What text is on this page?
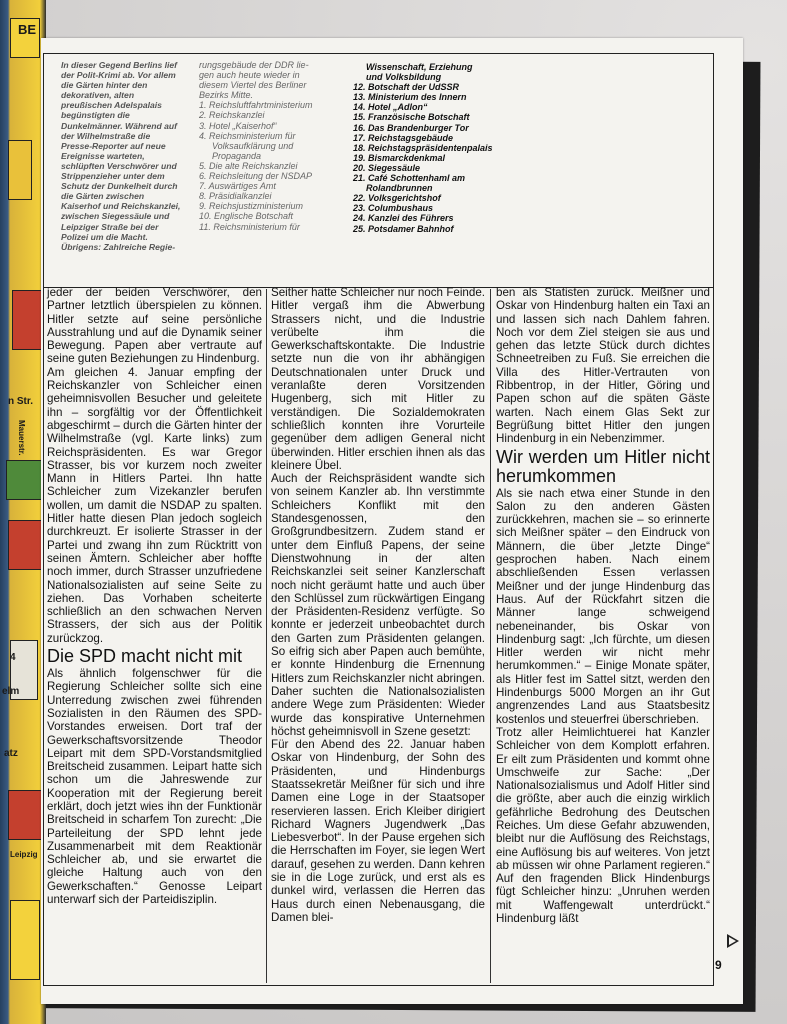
BE
n Str.
Mauerstr.
4
elm
atz
Leipzig
In dieser Gegend Berlins lief der Polit-Krimi ab. Vor allem die Gärten hinter den dekorativen, alten preußischen Adelspalais begünstigten die Dunkelmänner. Während auf der Wilhelmstraße die Presse-Reporter auf neue Ereignisse warteten, schlüpften Verschwörer und Strippenzieher unter dem Schutz der Dunkelheit durch die Gärten zwischen Kaiserhof und Reichskanzlei, zwischen Siegessäule und Leipziger Straße bei der Polizei um die Macht. Übrigens: Zahlreiche Regie-
rungsgebäude der DDR lie-
gen auch heute wieder in
diesem Viertel des Berliner
Bezirks Mitte.
1. Reichsluftfahrtministerium
2. Reichskanzlei
3. Hotel „Kaiserhof“
4. Reichsministerium für
Volksaufklärung und
Propaganda
5. Die alte Reichskanzlei
6. Reichsleitung der NSDAP
7. Auswärtiges Amt
8. Präsidialkanzlei
9. Reichsjustizministerium
10. Englische Botschaft
11. Reichsministerium für
Wissenschaft, Erziehung
und Volksbildung
12. Botschaft der UdSSR
13. Ministerium des Innern
14. Hotel „Adlon“
15. Französische Botschaft
16. Das Brandenburger Tor
17. Reichstagsgebäude
18. Reichstagspräsidentenpalais
19. Bismarckdenkmal
20. Siegessäule
21. Café Schottenhaml am
Rolandbrunnen
22. Volksgerichtshof
23. Columbushaus
24. Kanzlei des Führers
25. Potsdamer Bahnhof

jeder der beiden Verschwörer, den Partner letztlich überspielen zu können. Hitler setzte auf seine persönliche Ausstrahlung und auf die Dynamik seiner Bewegung. Papen aber vertraute auf seine guten Beziehungen zu Hindenburg.

Am gleichen 4. Januar empfing der Reichskanzler von Schleicher einen geheimnisvollen Besucher und geleitete ihn – sorgfältig vor der Öffentlichkeit abgeschirmt – durch die Gärten hinter der Wilhelmstraße (vgl. Karte links) zum Reichspräsidenten. Es war Gregor Strasser, bis vor kurzem noch zweiter Mann in Hitlers Partei. Ihn hatte Schleicher zum Vizekanzler berufen wollen, um damit die NSDAP zu spalten. Hitler hatte diesen Plan jedoch sogleich durchkreuzt. Er isolierte Strasser in der Partei und zwang ihn zum Rücktritt von seinen Ämtern. Schleicher aber hoffte noch immer, durch Strasser unzufriedene Nationalsozialisten auf seine Seite zu ziehen. Das Vorhaben scheiterte schließlich an den schwachen Nerven Strassers, der sich aus der Politik zurückzog.

Die SPD macht nicht mit

Als ähnlich folgenschwer für die Regierung Schleicher sollte sich eine Unterredung zwischen zwei führenden Sozialisten in den Räumen des SPD-Vorstandes erweisen. Dort traf der Gewerkschaftsvorsitzende Theodor Leipart mit dem SPD-Vorstandsmitglied Breitscheid zusammen. Leipart hatte sich schon um die Jahreswende zur Kooperation mit der Regierung bereit erklärt, doch jetzt wies ihn der Funktionär Breitscheid in scharfem Ton zurecht: „Die Parteileitung der SPD lehnt jede Zusammenarbeit mit dem Reaktionär Schleicher ab, und sie erwartet die gleiche Haltung auch von den Gewerkschaften.“ Genosse Leipart unterwarf sich der Parteidisziplin.

Seither hatte Schleicher nur noch Feinde. Hitler vergaß ihm die Abwerbung Strassers nicht, und die Industrie verübelte ihm die Gewerkschaftskontakte. Die Industrie setzte nun die von ihr abhängigen Deutschnationalen unter Druck und veranlaßte deren Vorsitzenden Hugenberg, sich mit Hitler zu verständigen. Die Sozialdemokraten schließlich konnten ihre Vorurteile gegenüber dem adligen General nicht überwinden. Hitler erschien ihnen als das kleinere Übel.

Auch der Reichspräsident wandte sich von seinem Kanzler ab. Ihn verstimmte Schleichers Konflikt mit den Standesgenossen, den Großgrundbesitzern. Zudem stand er unter dem Einfluß Papens, der seine Dienstwohnung in der alten Reichskanzlei seit seiner Kanzlerschaft noch nicht geräumt hatte und auch über den Schlüssel zum rückwärtigen Eingang der Präsidenten-Residenz verfügte. So konnte er jederzeit unbeobachtet durch den Garten zum Präsidenten gelangen. So eifrig sich aber Papen auch bemühte, er konnte Hindenburg die Ernennung Hitlers zum Reichskanzler nicht abringen. Daher suchten die Nationalsozialisten andere Wege zum Präsidenten: Wieder wurde das konspirative Unternehmen höchst geheimnisvoll in Szene gesetzt:

Für den Abend des 22. Januar haben Oskar von Hindenburg, der Sohn des Präsidenten, und Hindenburgs Staatssekretär Meißner für sich und ihre Damen eine Loge in der Staatsoper reservieren lassen. Erich Kleiber dirigiert Richard Wagners Jugendwerk „Das Liebesverbot“. In der Pause ergehen sich die Herrschaften im Foyer, sie legen Wert darauf, gesehen zu werden. Dann kehren sie in die Loge zurück, und erst als es dunkel wird, verlassen die Herren das Haus durch einen Nebenausgang, die Damen blei-

ben als Statisten zurück. Meißner und Oskar von Hindenburg halten ein Taxi an und lassen sich nach Dahlem fahren. Noch vor dem Ziel steigen sie aus und gehen das letzte Stück durch dichtes Schneetreiben zu Fuß. Sie erreichen die Villa des Hitler-Vertrauten von Ribbentrop, in der Hitler, Göring und Papen schon auf die späten Gäste warten. Nach einem Glas Sekt zur Begrüßung bittet Hitler den jungen Hindenburg in ein Nebenzimmer.

Wir werden um Hitler nicht herumkommen

Als sie nach etwa einer Stunde in den Salon zu den anderen Gästen zurückkehren, machen sie – so erinnerte sich Meißner später – den Eindruck von Männern, die über „letzte Dinge“ gesprochen haben. Nach einem abschließenden Essen verlassen Meißner und der junge Hindenburg das Haus. Auf der Rückfahrt sitzen die Männer lange schweigend nebeneinander, bis Oskar von Hindenburg sagt: „Ich fürchte, um diesen Hitler werden wir nicht mehr herumkommen.“ – Einige Monate später, als Hitler fest im Sattel sitzt, werden den Hindenburgs 5000 Morgen an ihr Gut angrenzendes Land aus Staatsbesitz kostenlos und steuerfrei überschrieben.

Trotz aller Heimlichtuerei hat Kanzler Schleicher von dem Komplott erfahren. Er eilt zum Präsidenten und kommt ohne Umschweife zur Sache: „Der Nationalsozialismus und Adolf Hitler sind die größte, aber auch die einzig wirklich gefährliche Bedrohung des Deutschen Reiches. Um diese Gefahr abzuwenden, bleibt nur die Auflösung des Reichstags, eine Auflösung bis auf weiteres. Von jetzt ab müssen wir ohne Parlament regieren.“ Auf den fragenden Blick Hindenburgs fügt Schleicher hinzu: „Unruhen werden mit Waffengewalt unterdrückt.“ Hindenburg läßt

9
